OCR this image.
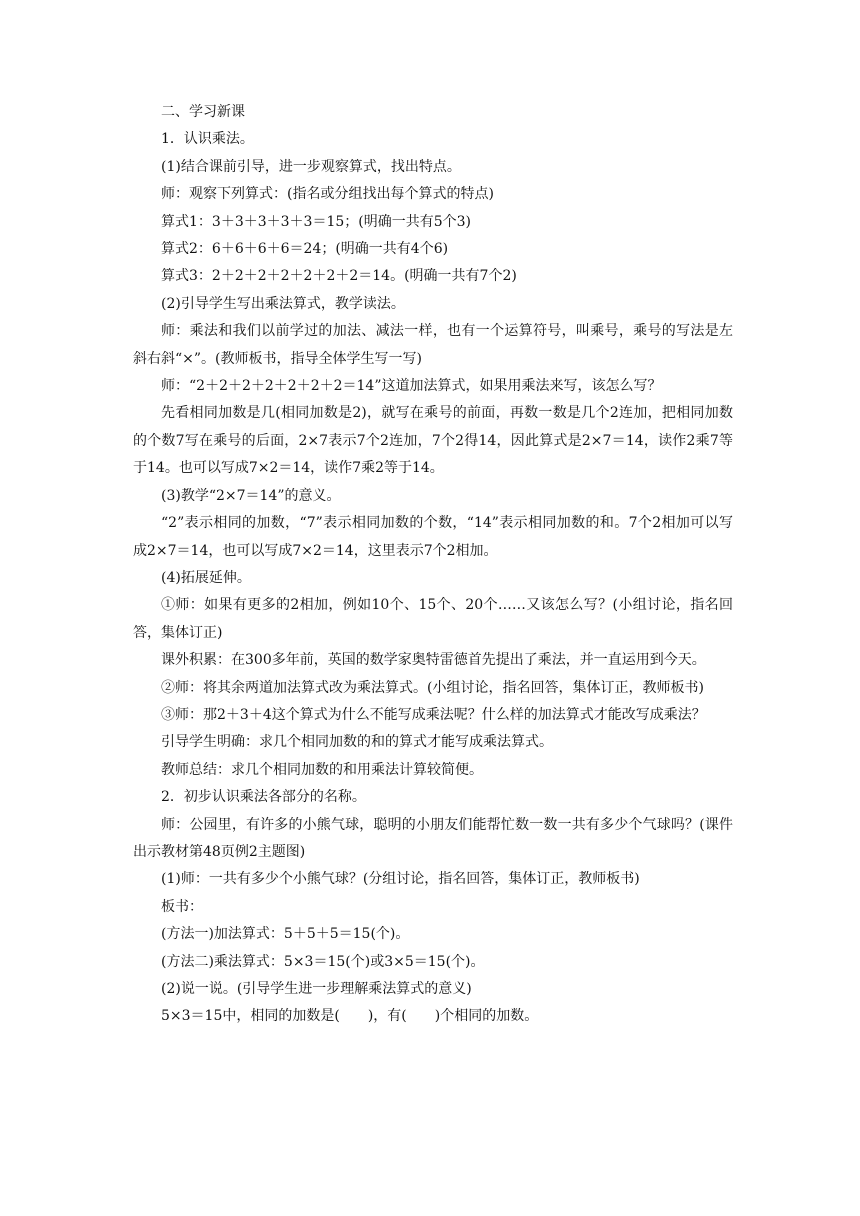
二、学习新课

1．认识乘法。

(1)结合课前引导，进一步观察算式，找出特点。

师：观察下列算式：(指名或分组找出每个算式的特点)

算式1：3＋3＋3＋3＋3＝15；(明确一共有5个3)

算式2：6＋6＋6＋6＝24；(明确一共有4个6)

算式3：2＋2＋2＋2＋2＋2＋2＝14。(明确一共有7个2)

(2)引导学生写出乘法算式，教学读法。

师：乘法和我们以前学过的加法、减法一样，也有一个运算符号，叫乘号，乘号的写法是左斜右斜“×”。(教师板书，指导全体学生写一写)

师：“2＋2＋2＋2＋2＋2＋2＝14”这道加法算式，如果用乘法来写，该怎么写？

先看相同加数是几(相同加数是2)，就写在乘号的前面，再数一数是几个2连加，把相同加数的个数7写在乘号的后面，2×7表示7个2连加，7个2得14，因此算式是2×7＝14，读作2乘7等于14。也可以写成7×2＝14，读作7乘2等于14。

(3)教学“2×7＝14”的意义。

“2”表示相同的加数，“7”表示相同加数的个数，“14”表示相同加数的和。7个2相加可以写成2×7＝14，也可以写成7×2＝14，这里表示7个2相加。

(4)拓展延伸。

①师：如果有更多的2相加，例如10个、15个、20个……又该怎么写？(小组讨论，指名回答，集体订正)

课外积累：在300多年前，英国的数学家奥特雷德首先提出了乘法，并一直运用到今天。

②师：将其余两道加法算式改为乘法算式。(小组讨论，指名回答，集体订正，教师板书)

③师：那2＋3＋4这个算式为什么不能写成乘法呢？什么样的加法算式才能改写成乘法？

引导学生明确：求几个相同加数的和的算式才能写成乘法算式。

教师总结：求几个相同加数的和用乘法计算较简便。

2．初步认识乘法各部分的名称。

师：公园里，有许多的小熊气球，聪明的小朋友们能帮忙数一数一共有多少个气球吗？(课件出示教材第48页例2主题图)

(1)师：一共有多少个小熊气球？(分组讨论，指名回答，集体订正，教师板书)

板书：

(方法一)加法算式：5＋5＋5＝15(个)。

(方法二)乘法算式：5×3＝15(个)或3×5＝15(个)。

(2)说一说。(引导学生进一步理解乘法算式的意义)

5×3＝15中，相同的加数是(　　)，有(　　)个相同的加数。
